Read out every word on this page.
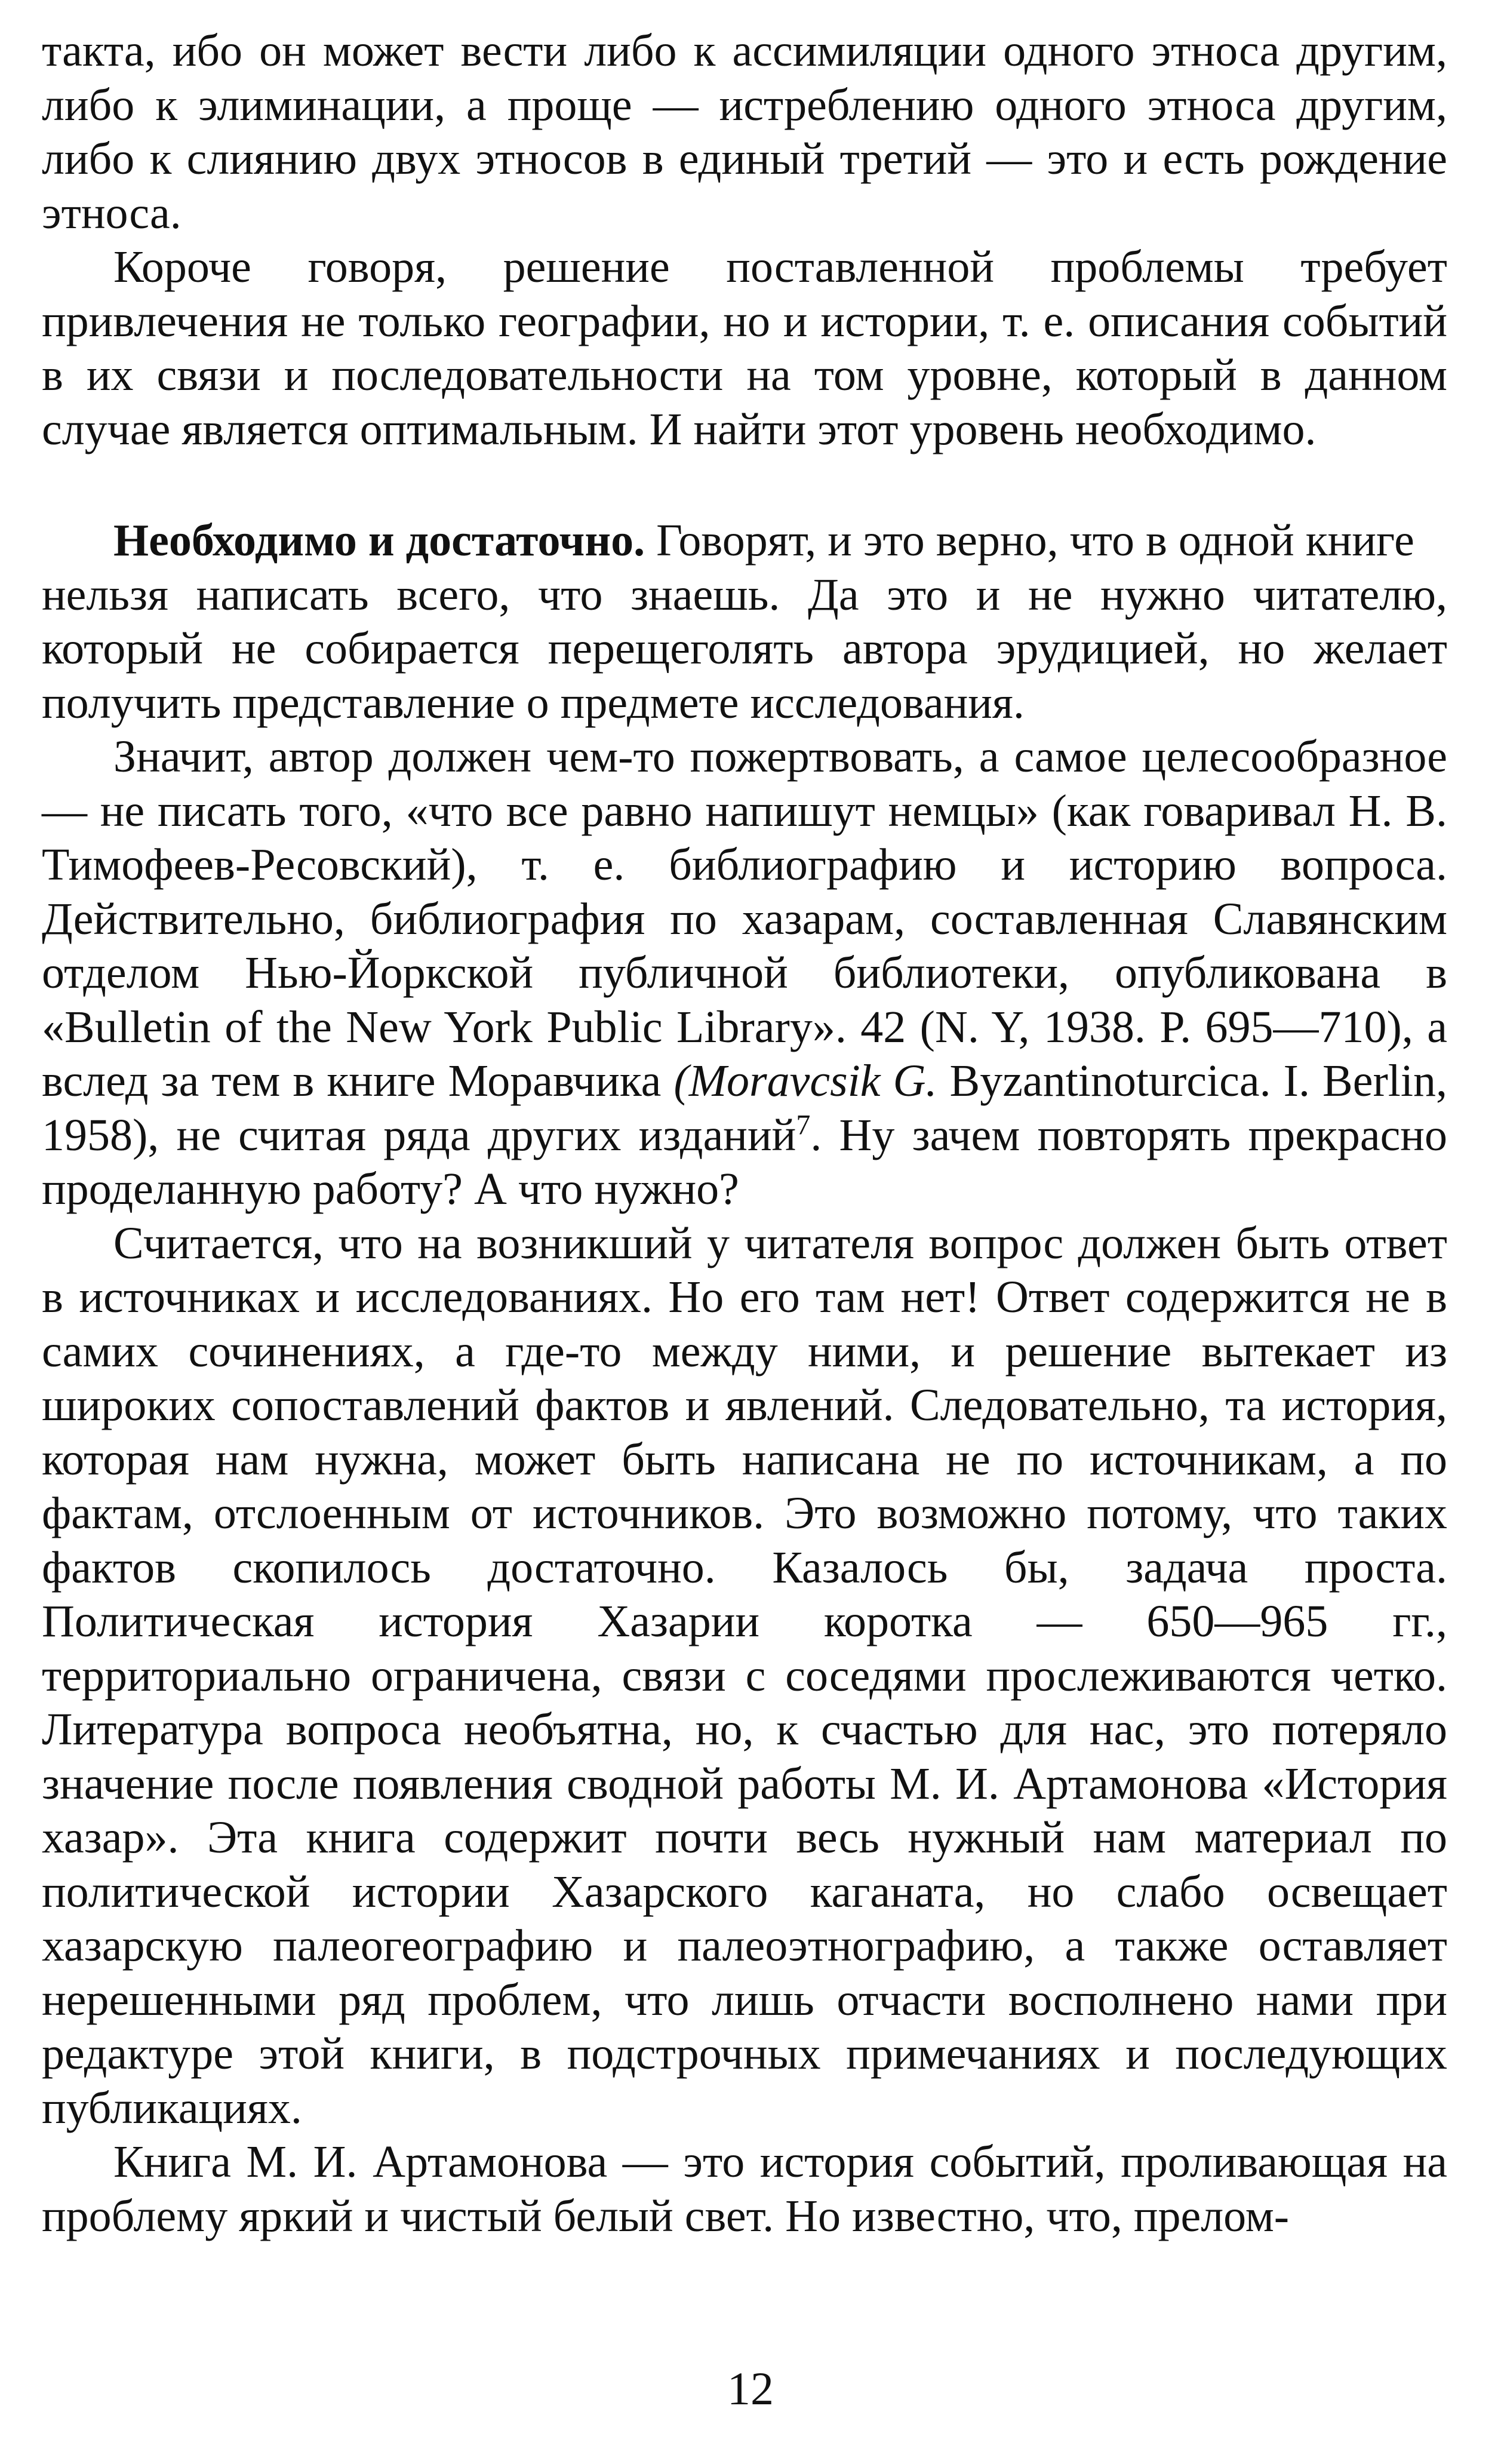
такта, ибо он может вести либо к ассимиляции одного этноса другим, либо к элиминации, а проще — истреблению одного этноса другим, либо к слиянию двух этносов в единый третий — это и есть рождение этноса.

Короче говоря, решение поставленной проблемы требует привлечения не только географии, но и истории, т. е. описания событий в их связи и последовательности на том уровне, который в данном случае является оптимальным. И найти этот уровень необходимо.

Необходимо и достаточно. Говорят, и это верно, что в одной книге

нельзя написать всего, что знаешь. Да это и не нужно читателю, который не собирается перещеголять автора эрудицией, но желает получить представление о предмете исследования.

Значит, автор должен чем-то пожертвовать, а самое целесообразное — не писать того, «что все равно напишут немцы» (как говаривал Н. В. Тимофеев-Ресовский), т. е. библиографию и историю вопроса. Действительно, библиография по хазарам, составленная Славянским отделом Нью-Йоркской публичной библиотеки, опубликована в «Bulletin of the New York Public Library». 42 (N. Y, 1938. P. 695—710), а вслед за тем в книге Моравчика (Moravcsik G. Byzantinoturcica. I. Berlin, 1958), не считая ряда других изданий$^7$. Ну зачем повторять прекрасно проделанную работу? А что нужно?

Считается, что на возникший у читателя вопрос должен быть ответ в источниках и исследованиях. Но его там нет! Ответ содержится не в самих сочинениях, а где-то между ними, и решение вытекает из широких сопоставлений фактов и явлений. Следовательно, та история, которая нам нужна, может быть написана не по источникам, а по фактам, отслоенным от источников. Это возможно потому, что таких фактов скопилось достаточно. Казалось бы, задача проста. Политическая история Хазарии коротка — 650—965 гг., территориально ограничена, связи с соседями прослеживаются четко. Литература вопроса необъятна, но, к счастью для нас, это потеряло значение после появления сводной работы М. И. Артамонова «История хазар». Эта книга содержит почти весь нужный нам материал по политической истории Хазарского каганата, но слабо освещает хазарскую палеогеографию и палеоэтнографию, а также оставляет нерешенными ряд проблем, что лишь отчасти восполнено нами при редактуре этой книги, в подстрочных примечаниях и последующих публикациях.

Книга М. И. Артамонова — это история событий, проливающая на проблему яркий и чистый белый свет. Но известно, что, прелом-

12
